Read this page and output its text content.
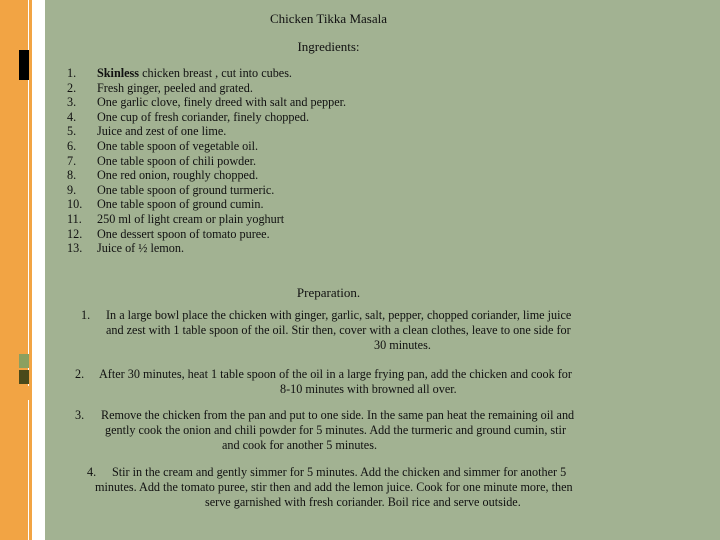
Chicken Tikka Masala
Ingredients:
1. Skinless chicken breast , cut into cubes.
2. Fresh ginger, peeled and grated.
3. One garlic clove, finely dreed with salt and pepper.
4. One cup of fresh coriander, finely chopped.
5. Juice and zest of one lime.
6. One table spoon of vegetable oil.
7. One table spoon of chili powder.
8. One red onion, roughly chopped.
9. One table spoon of ground turmeric.
10. One table spoon of ground cumin.
11. 250 ml of light cream or plain yoghurt
12. One dessert spoon of tomato puree.
13. Juice of ½ lemon.
Preparation.
1. In a large bowl place the chicken with ginger, garlic, salt, pepper, chopped coriander, lime juice
and zest with 1 table spoon of the oil. Stir then, cover with a clean clothes, leave to one side for
30 minutes.
2. After 30 minutes, heat 1 table spoon of the oil in a large frying pan, add the chicken and cook for
8-10 minutes with browned all over.
3. Remove the chicken from the pan and put to one side. In the same pan heat the remaining oil and
gently cook the onion and chili powder for 5 minutes. Add the turmeric and ground cumin, stir
and cook for another 5 minutes.
4. Stir in the cream and gently simmer for 5 minutes. Add the chicken and simmer for another 5
minutes. Add the tomato puree, stir then and add the lemon juice. Cook for one minute more, then
serve garnished with fresh coriander. Boil rice and serve outside.
